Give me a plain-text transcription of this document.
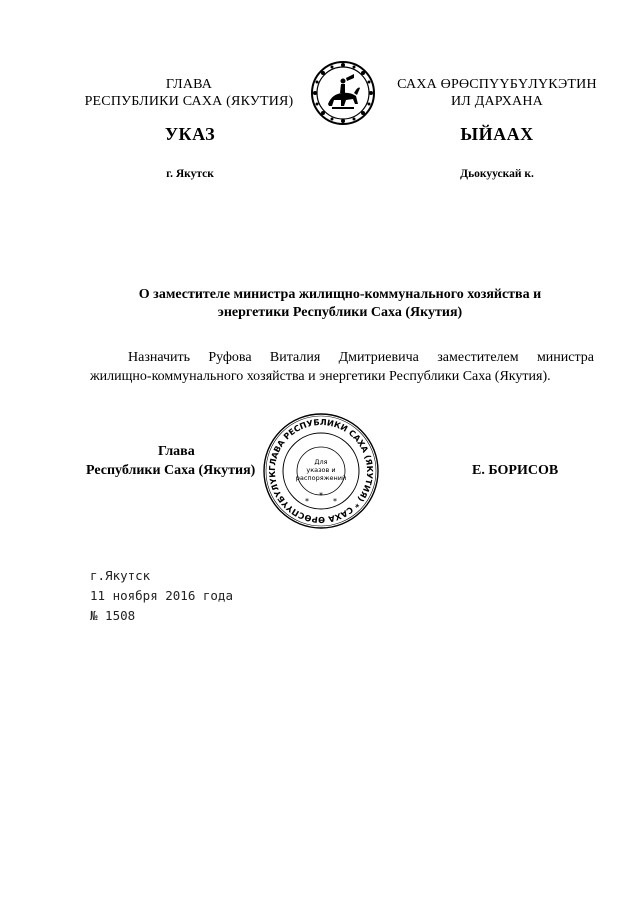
ГЛАВА
РЕСПУБЛИКИ САХА (ЯКУТИЯ)
САХА ӨРӨСПҮҮБҮЛҮКЭТИН
ИЛ ДАРХАНА
УКАЗ	ЫЙААХ
г. Якутск	Дьокуускай к.
О заместителе министра жилищно-коммунального хозяйства и
энергетики Республики Саха (Якутия)
Назначить Руфова Виталия Дмитриевича заместителем министра
жилищно-коммунального хозяйства и энергетики Республики Саха (Якутия).
Глава
Республики Саха (Якутия)	ГЛАВА РЕСПУБЛИКИ САХА (ЯКУТИЯ) * САХА ӨРӨСПҮҮБҮЛҮК
Для
указов и
распоряжений
*
*	*
Е. БОРИСОВ
г.Якутск
11 ноября 2016 года
№ 1508
